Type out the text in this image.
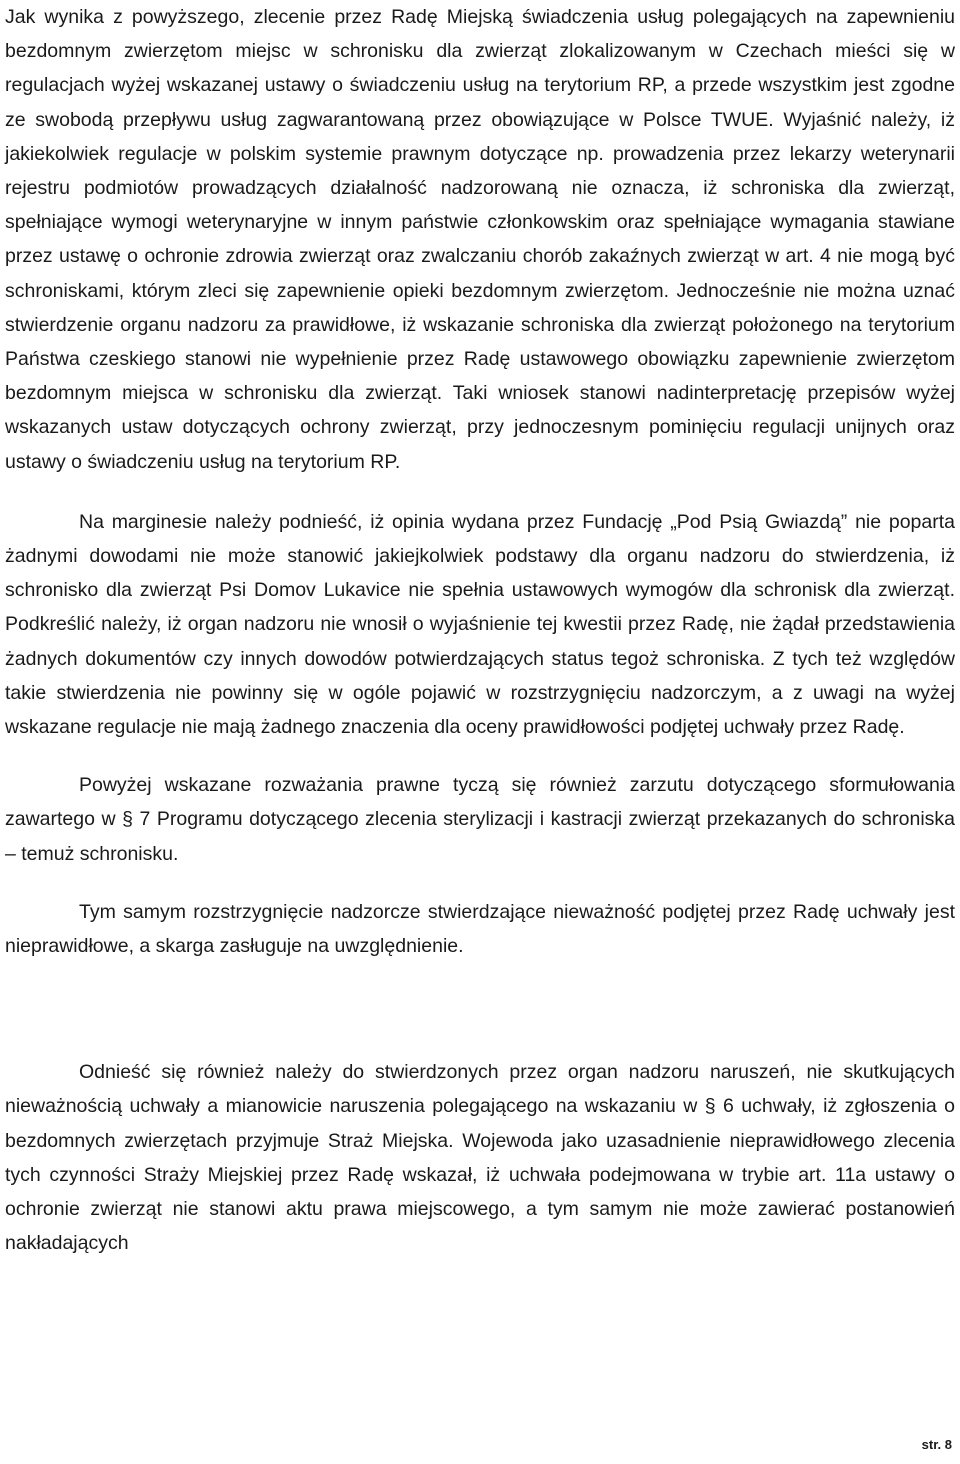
Jak wynika z powyższego, zlecenie przez Radę Miejską świadczenia usług polegających na zapewnieniu bezdomnym zwierzętom miejsc w schronisku dla zwierząt zlokalizowanym w Czechach mieści się w regulacjach wyżej wskazanej ustawy o świadczeniu usług na terytorium RP, a przede wszystkim jest zgodne ze swobodą przepływu usług zagwarantowaną przez obowiązujące w Polsce TWUE. Wyjaśnić należy, iż jakiekolwiek regulacje w polskim systemie prawnym dotyczące np. prowadzenia przez lekarzy weterynarii rejestru podmiotów prowadzących działalność nadzorowaną nie oznacza, iż schroniska dla zwierząt, spełniające wymogi weterynaryjne w innym państwie członkowskim oraz spełniające wymagania stawiane przez ustawę o ochronie zdrowia zwierząt oraz zwalczaniu chorób zakaźnych zwierząt w art. 4 nie mogą być schroniskami, którym zleci się zapewnienie opieki bezdomnym zwierzętom. Jednocześnie nie można uznać stwierdzenie organu nadzoru za prawidłowe, iż wskazanie schroniska dla zwierząt położonego na terytorium Państwa czeskiego stanowi nie wypełnienie przez Radę ustawowego obowiązku zapewnienie zwierzętom bezdomnym miejsca w schronisku dla zwierząt. Taki wniosek stanowi nadinterpretację przepisów wyżej wskazanych ustaw dotyczących ochrony zwierząt, przy jednoczesnym pominięciu regulacji unijnych oraz ustawy o świadczeniu usług na terytorium RP.

Na marginesie należy podnieść, iż opinia wydana przez Fundację „Pod Psią Gwiazdą” nie poparta żadnymi dowodami nie może stanowić jakiejkolwiek podstawy dla organu nadzoru do stwierdzenia, iż schronisko dla zwierząt Psi Domov Lukavice nie spełnia ustawowych wymogów dla schronisk dla zwierząt. Podkreślić należy, iż organ nadzoru nie wnosił o wyjaśnienie tej kwestii przez Radę, nie żądał przedstawienia żadnych dokumentów czy innych dowodów potwierdzających status tegoż schroniska. Z tych też względów takie stwierdzenia nie powinny się w ogóle pojawić w rozstrzygnięciu nadzorczym, a z uwagi na wyżej wskazane regulacje nie mają żadnego znaczenia dla oceny prawidłowości podjętej uchwały przez Radę.

Powyżej wskazane rozważania prawne tyczą się również zarzutu dotyczącego sformułowania zawartego w § 7 Programu dotyczącego zlecenia sterylizacji i kastracji zwierząt przekazanych do schroniska – temuż schronisku.

Tym samym rozstrzygnięcie nadzorcze stwierdzające nieważność podjętej przez Radę uchwały jest nieprawidłowe, a skarga zasługuje na uwzględnienie.

Odnieść się również należy do stwierdzonych przez organ nadzoru naruszeń, nie skutkujących nieważnością uchwały a mianowicie naruszenia polegającego na wskazaniu w § 6 uchwały, iż zgłoszenia o bezdomnych zwierzętach przyjmuje Straż Miejska. Wojewoda jako uzasadnienie nieprawidłowego zlecenia tych czynności Straży Miejskiej przez Radę wskazał, iż uchwała podejmowana w trybie art. 11a ustawy o ochronie zwierząt nie stanowi aktu prawa miejscowego, a tym samym nie może zawierać postanowień nakładających

str. 8
